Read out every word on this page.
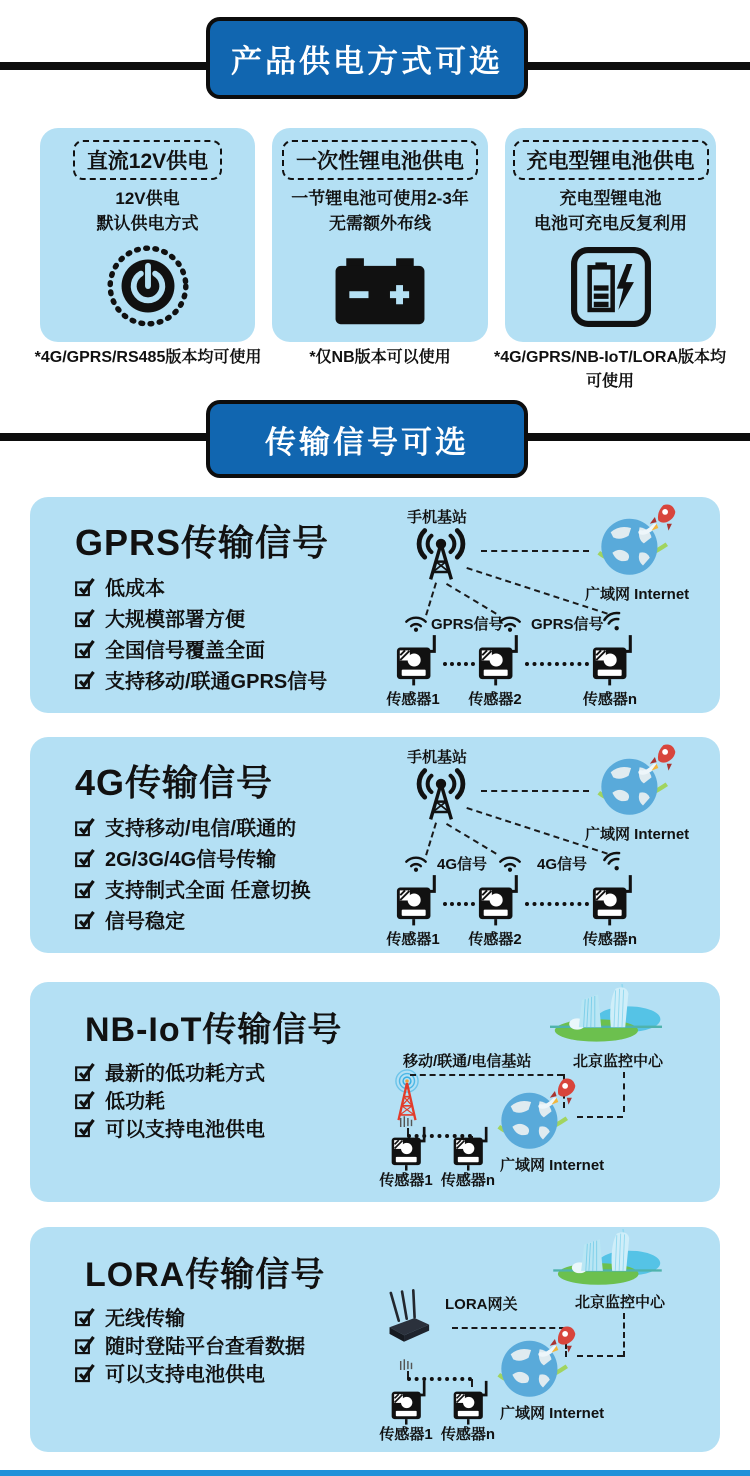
产品供电方式可选
直流12V供电
12V供电
默认供电方式
一次性锂电池供电
一节锂电池可使用2-3年
无需额外布线
充电型锂电池供电
充电型锂电池
电池可充电反复利用
*4G/GPRS/RS485版本均可使用	*仅NB版本可以使用	*4G/GPRS/NB-IoT/LORA版本均可使用
传输信号可选
GPRS传输信号
低成本
大规模部署方便
全国信号覆盖全面
支持移动/联通GPRS信号
手机基站
广域网 Internet
GPRS信号 GPRS信号
传感器1	传感器2	传感器n
4G传输信号
支持移动/电信/联通的
2G/3G/4G信号传输
支持制式全面 任意切换
信号稳定
手机基站
广域网 Internet
4G信号	4G信号
传感器1	传感器2	传感器n
NB-IoT传输信号
最新的低功耗方式
低功耗
可以支持电池供电
移动/联通/电信基站	北京监控中心
广域网 Internet
传感器1 传感器n
LORA传输信号
无线传输
随时登陆平台查看数据
可以支持电池供电
北京监控中心
LORA网关
广域网 Internet
传感器1 传感器n
